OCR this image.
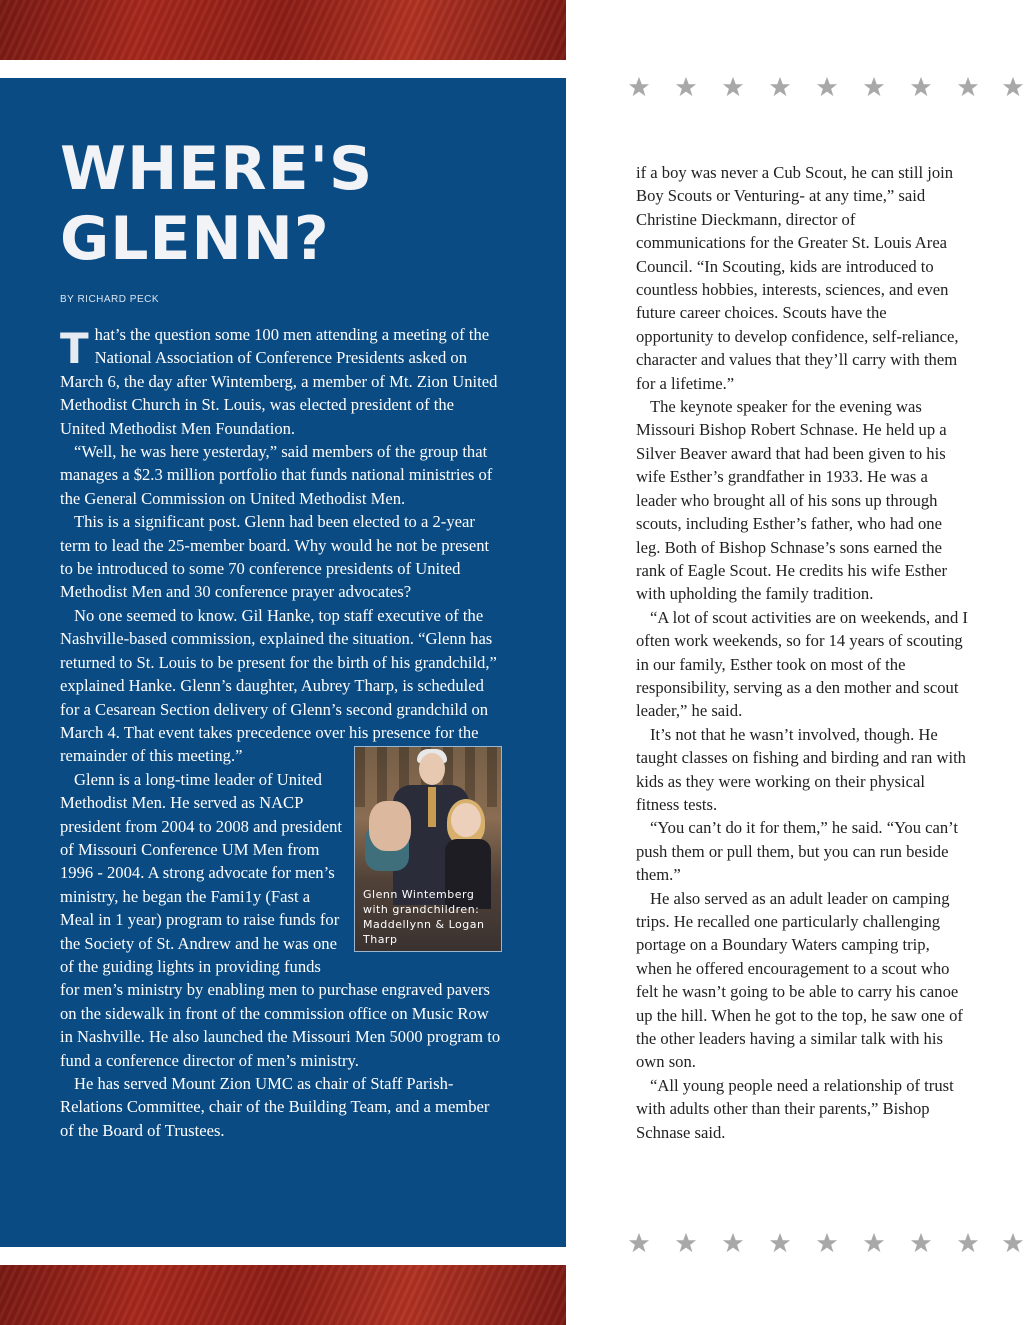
WHERE'S GLENN?
BY RICHARD PECK

T hat’s the question some 100 men attending a meeting of the National Association of Conference Presidents asked on March 6, the day after Wintemberg, a member of Mt. Zion United Methodist Church in St. Louis, was elected president of the United Methodist Men Foundation.

“Well, he was here yesterday,” said members of the group that manages a $2.3 million portfolio that funds national ministries of the General Commission on United Methodist Men.

This is a significant post. Glenn had been elected to a 2-year term to lead the 25-member board. Why would he not be present to be introduced to some 70 conference presidents of United Methodist Men and 30 conference prayer advocates?

No one seemed to know. Gil Hanke, top staff executive of the Nashville-based commission, explained the situation. “Glenn has returned to St. Louis to be present for the birth of his grandchild,” explained Hanke. Glenn’s daughter, Aubrey Tharp, is scheduled for a Cesarean Section delivery of Glenn’s second grandchild on March 4. That event takes precedence over his presence for the remainder of this meeting.”

Glenn Wintemberg with grandchildren: Maddellynn & Logan Tharp

Glenn is a long-time leader of United Methodist Men. He served as NACP president from 2004 to 2008 and president of Missouri Conference UM Men from 1996 - 2004. A strong advocate for men’s ministry, he began the Fami1y (Fast a Meal in 1 year) program to raise funds for the Society of St. Andrew and he was one of the guiding lights in providing funds for men’s ministry by enabling men to purchase engraved pavers on the sidewalk in front of the commission office on Music Row in Nashville. He also launched the Missouri Men 5000 program to fund a conference director of men’s ministry.

He has served Mount Zion UMC as chair of Staff Parish-Relations Committee, chair of the Building Team, and a member of the Board of Trustees.

if a boy was never a Cub Scout, he can still join Boy Scouts or Venturing- at any time,” said Christine Dieckmann, director of communications for the Greater St. Louis Area Council. “In Scouting, kids are introduced to countless hobbies, interests, sciences, and even future career choices. Scouts have the opportunity to develop confidence, self-reliance, character and values that they’ll carry with them for a lifetime.”

The keynote speaker for the evening was Missouri Bishop Robert Schnase. He held up a Silver Beaver award that had been given to his wife Esther’s grandfather in 1933. He was a leader who brought all of his sons up through scouts, including Esther’s father, who had one leg. Both of Bishop Schnase’s sons earned the rank of Eagle Scout. He credits his wife Esther with upholding the family tradition.

“A lot of scout activities are on weekends, and I often work weekends, so for 14 years of scouting in our family, Esther took on most of the responsibility, serving as a den mother and scout leader,” he said.

It’s not that he wasn’t involved, though. He taught classes on fishing and birding and ran with kids as they were working on their physical fitness tests.

“You can’t do it for them,” he said. “You can’t push them or pull them, but you can run beside them.”

He also served as an adult leader on camping trips. He recalled one particularly challenging portage on a Boundary Waters camping trip, when he offered encouragement to a scout who felt he wasn’t going to be able to carry his canoe up the hill. When he got to the top, he saw one of the other leaders having a similar talk with his own son.

“All young people need a relationship of trust with adults other than their parents,” Bishop Schnase said.
